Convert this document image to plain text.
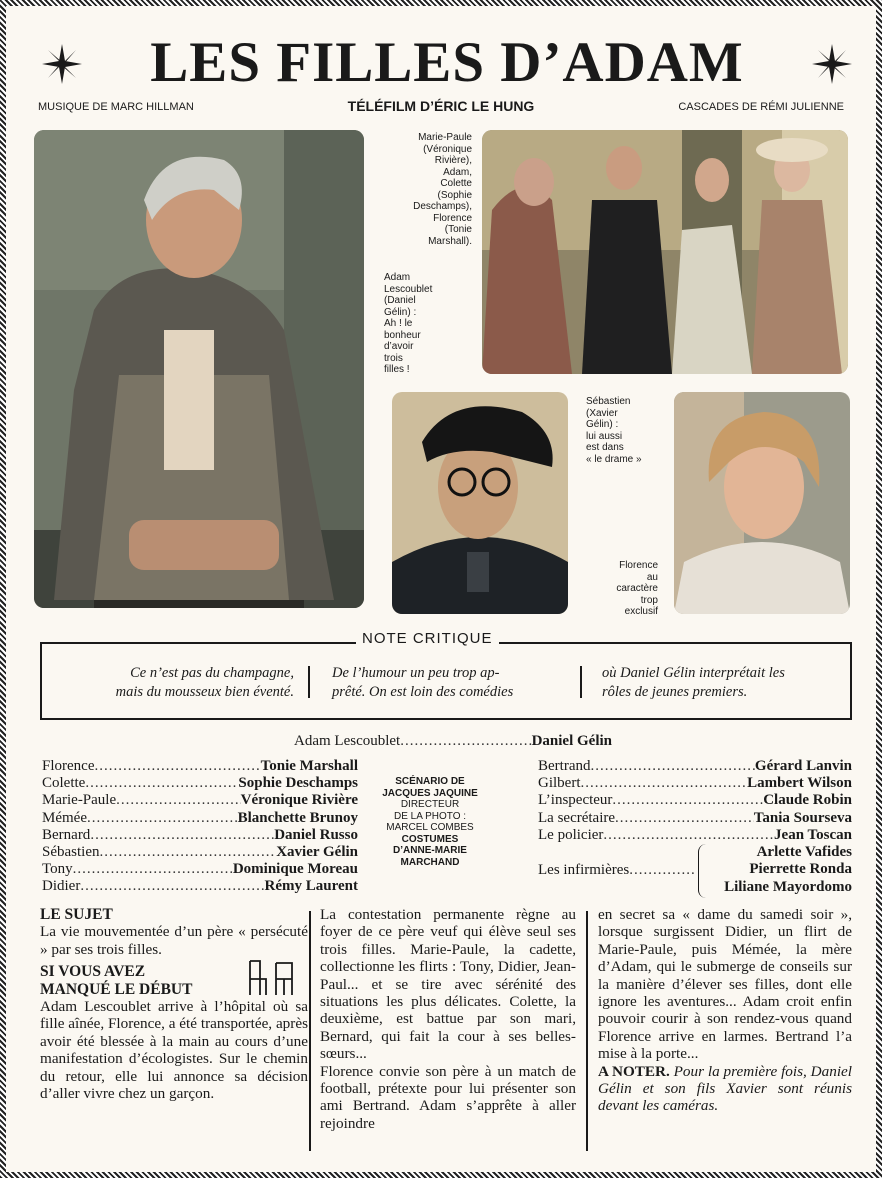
LES FILLES D’ADAM
MUSIQUE DE MARC HILLMAN	TÉLÉFILM D’ÉRIC LE HUNG	CASCADES DE RÉMI JULIENNE
Marie-Paule
(Véronique
Rivière),
Adam,
Colette
(Sophie
Deschamps),
Florence
(Tonie
Marshall).
Adam
Lescoublet
(Daniel
Gélin) :
Ah ! le
bonheur
d’avoir
trois
filles !
Sébastien
(Xavier
Gélin) :
lui aussi
est dans
« le drame »
Florence
au
caractère
trop
exclusif
NOTE CRITIQUE
Ce n’est pas du champagne,
mais du mousseux bien éventé.
De l’humour un peu trop ap-
prêté. On est loin des comédies
où Daniel Gélin interprétait les
rôles de jeunes premiers.
Adam Lescoublet .....	Daniel Gélin
Florence .....	Tonie Marshall
Colette .....	Sophie Deschamps
Marie-Paule .....	Véronique Rivière
Mémée .....	Blanchette Brunoy
Bernard .....	Daniel Russo
Sébastien .....	Xavier Gélin
Tony .....	Dominique Moreau
Didier .....	Rémy Laurent
SCÉNARIO DE
JACQUES JAQUINE
DIRECTEUR
DE LA PHOTO :
MARCEL COMBES
COSTUMES
D’ANNE-MARIE
MARCHAND
Bertrand .....	Gérard Lanvin
Gilbert .....	Lambert Wilson
L’inspecteur .....	Claude Robin
La secrétaire .....	Tania Sourseva
Le policier .....	Jean Toscan
Les infirmières
.....
Arlette Vafides
Pierrette Ronda
Liliane Mayordomo
LE SUJET

La vie mouvementée d’un père « persécuté » par ses trois filles.

SI VOUS AVEZ
MANQUÉ LE DÉBUT

Adam Lescoublet arrive à l’hôpital où sa fille aînée, Florence, a été transportée, après avoir été blessée à la main au cours d’une manifestation d’écologistes. Sur le chemin du retour, elle lui annonce sa décision d’aller vivre chez un garçon.

La contestation permanente règne au foyer de ce père veuf qui élève seul ses trois filles. Marie-Paule, la cadette, collectionne les flirts : Tony, Didier, Jean-Paul... et se tire avec sérénité des situations les plus délicates. Colette, la deuxième, est battue par son mari, Bernard, qui fait la cour à ses belles-sœurs...

Florence convie son père à un match de football, prétexte pour lui présenter son ami Bertrand. Adam s’apprête à aller rejoindre

en secret sa « dame du samedi soir », lorsque surgissent Didier, un flirt de Marie-Paule, puis Mémée, la mère d’Adam, qui le submerge de conseils sur la manière d’élever ses filles, dont elle ignore les aventures... Adam croit enfin pouvoir courir à son rendez-vous quand Florence arrive en larmes. Bertrand l’a mise à la porte...

A NOTER. Pour la première fois, Daniel Gélin et son fils Xavier sont réunis devant les caméras.
